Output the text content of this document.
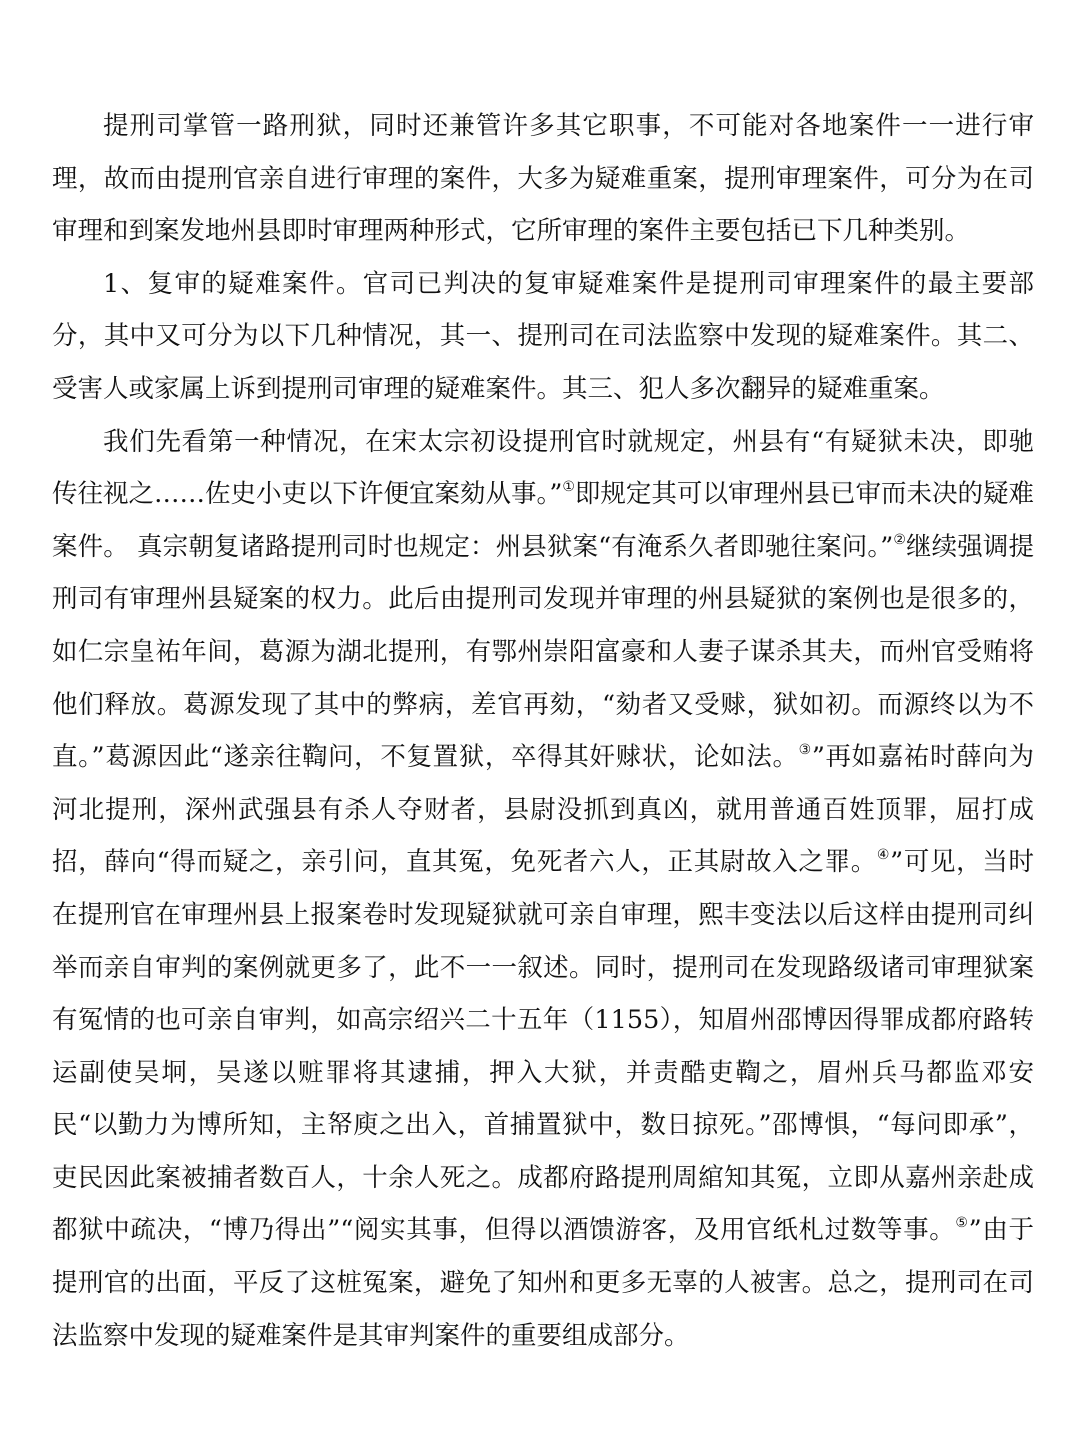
提刑司掌管一路刑狱，同时还兼管许多其它职事，不可能对各地案件一一进行审理，故而由提刑官亲自进行审理的案件，大多为疑难重案，提刑审理案件，可分为在司审理和到案发地州县即时审理两种形式，它所审理的案件主要包括已下几种类别。

1、复审的疑难案件。官司已判决的复审疑难案件是提刑司审理案件的最主要部分，其中又可分为以下几种情况，其一、提刑司在司法监察中发现的疑难案件。其二、受害人或家属上诉到提刑司审理的疑难案件。其三、犯人多次翻异的疑难重案。

我们先看第一种情况，在宋太宗初设提刑官时就规定，州县有“有疑狱未决，即驰传往视之……佐史小吏以下许便宜案劾从事。”①即规定其可以审理州县已审而未决的疑难案件。 真宗朝复诸路提刑司时也规定：州县狱案“有淹系久者即驰往案问。”②继续强调提刑司有审理州县疑案的权力。此后由提刑司发现并审理的州县疑狱的案例也是很多的，如仁宗皇祐年间，葛源为湖北提刑，有鄂州崇阳富豪和人妻子谋杀其夫，而州官受贿将他们释放。葛源发现了其中的弊病，差官再劾，“劾者又受赇，狱如初。而源终以为不直。”葛源因此“遂亲往鞫问，不复置狱，卒得其奸赇状，论如法。③”再如嘉祐时薛向为河北提刑，深州武强县有杀人夺财者，县尉没抓到真凶，就用普通百姓顶罪，屈打成招，薛向“得而疑之，亲引问，直其冤，免死者六人，正其尉故入之罪。④”可见，当时在提刑官在审理州县上报案卷时发现疑狱就可亲自审理，熙丰变法以后这样由提刑司纠举而亲自审判的案例就更多了，此不一一叙述。同时，提刑司在发现路级诸司审理狱案有冤情的也可亲自审判，如高宗绍兴二十五年（1155），知眉州邵博因得罪成都府路转运副使吴坰，吴遂以赃罪将其逮捕，押入大狱，并责酷吏鞫之，眉州兵马都监邓安民“以勤力为博所知，主帑庾之出入，首捕置狱中，数日掠死。”邵博惧，“每问即承”，吏民因此案被捕者数百人，十余人死之。成都府路提刑周綰知其冤，立即从嘉州亲赴成都狱中疏决，“博乃得出”“阅实其事，但得以酒馈游客，及用官纸札过数等事。⑤”由于提刑官的出面，平反了这桩冤案，避免了知州和更多无辜的人被害。总之，提刑司在司法监察中发现的疑难案件是其审判案件的重要组成部分。
